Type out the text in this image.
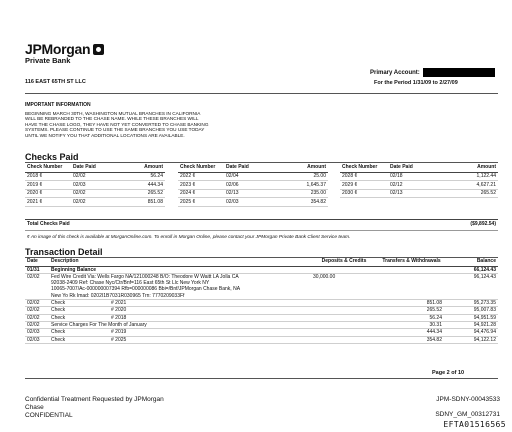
JPMorgan
Private Bank
116 EAST 65TH ST LLC
Primary Account:
For the Period 1/31/09 to 2/27/09
IMPORTANT INFORMATION
BEGINNING MARCH 30TH, WASHINGTON MUTUAL BRANCHES IN CALIFORNIA
WILL BE REBRANDED TO THE CHASE NAME. WHILE THESE BRANCHES WILL
HAVE THE CHASE LOGO, THEY HAVE NOT YET CONVERTED TO CHASE BANKING
SYSTEMS. PLEASE CONTINUE TO USE THE SAME BRANCHES YOU USE TODAY
UNTIL WE NOTIFY YOU THAT ADDITIONAL LOCATIONS ARE AVAILABLE.
Checks Paid
Check Number	Date Paid	Amount
2018 ¢	02/02	56.24
2019 ¢	02/03	444.34
2020 ¢	02/02	265.52
2021 ¢	02/02	851.08
Check Number	Date Paid	Amount
2022 ¢	02/04	25.00
2023 ¢	02/06	1,645.37
2024 ¢	02/13	235.00
2025 ¢	02/03	354.82
Check Number	Date Paid	Amount
2028 ¢	02/18	1,122.44
2029 ¢	02/12	4,627.21
2030 ¢	02/13	265.52
Total Checks Paid	($9,892.54)
¢ An image of this check is available at MorganOnline.com. To enroll in Morgan Online, please contact your JPMorgan Private Bank Client Service team.
Transaction Detail
Date	Description	Deposits & Credits	Transfers & Withdrawals	Balance
01/31	Beginning Balance			66,124.43
02/02	Fed Wire Credit Via: Wells Fargo NA/121000248 B/O: Theodore W Waitt LA Jolla CA
92038-2409 Ref: Chase Nyc/Ctr/Bnf=116 East 65th St Llc New York NY
10065-7007/Ac-000000007394 Rfb=000000086 Bbi=/Bnf/JPMorgan Chase Bank, NA
New Yo Rk Imad: 0202I1B7031R030965 Trn: 7770209033Ff	30,000.00		96,124.43
02/02	Check # 2021		851.08	95,273.35
02/02	Check # 2020		265.52	95,007.83
02/02	Check # 2018		56.24	94,951.59
02/02	Service Charges For The Month of January		30.31	94,921.28
02/03	Check # 2019		444.34	94,476.94
02/03	Check # 2025		354.82	94,122.12
Page 2 of 10
Confidential Treatment Requested by JPMorgan
Chase
CONFIDENTIAL
JPM-SDNY-00043533
SDNY_GM_00312731
EFTA01516565
